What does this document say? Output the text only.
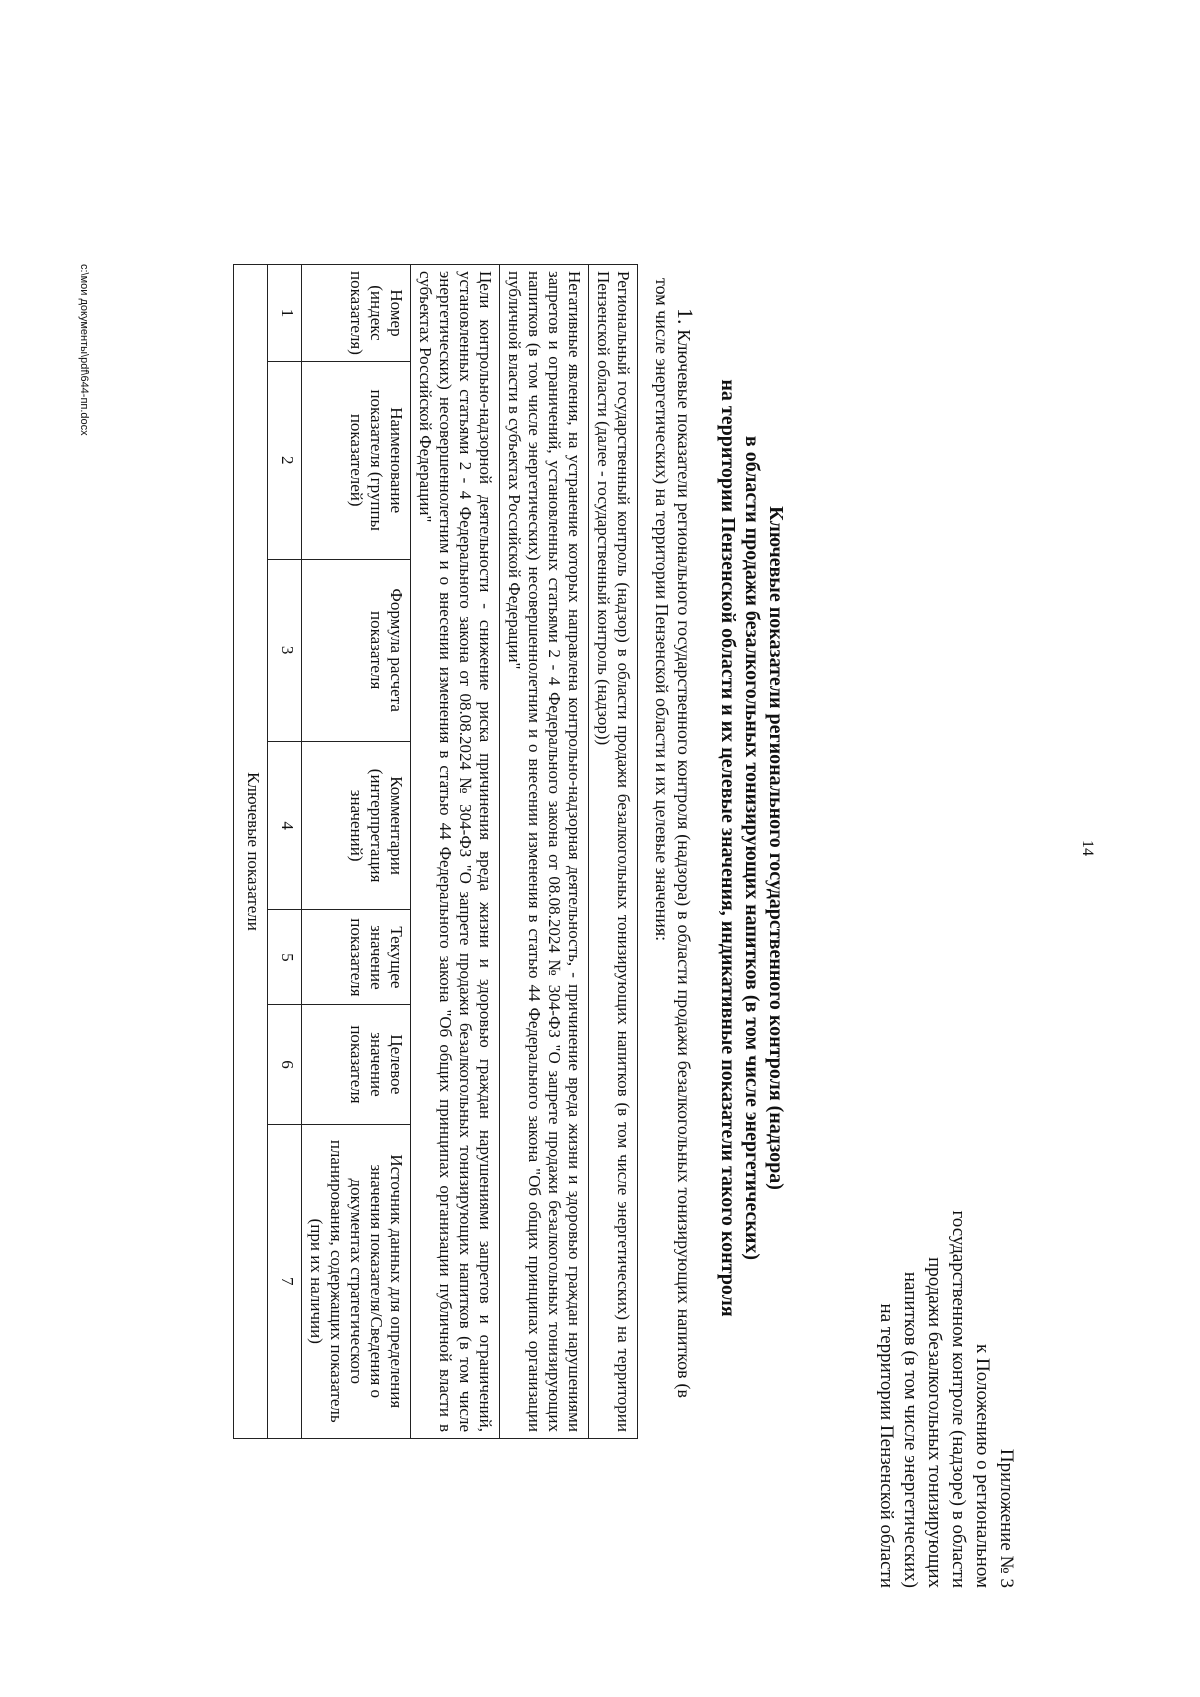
14
Приложение № 3
к Положению о региональном
государственном контроле (надзоре) в области
продажи безалкогольных тонизирующих
напитков (в том числе энергетических)
на территории Пензенской области
Ключевые показатели регионального государственного контроля (надзора)
в области продажи безалкогольных тонизирующих напитков (в том числе энергетических)
на территории Пензенской области и их целевые значения, индикативные показатели такого контроля
1. Ключевые показатели регионального государственного контроля (надзора) в области продажи безалкогольных тонизирующих напитков (в том числе энергетических) на территории Пензенской области и их целевые значения:
Региональный государственный контроль (надзор) в области продажи безалкогольных тонизирующих напитков (в том числе энергетических) на территории Пензенской области (далее - государственный контроль (надзор))						
Негативные явления, на устранение которых направлена контрольно-надзорная деятельность, - причинение вреда жизни и здоровью граждан нарушениями запретов и ограничений, установленных статьями 2 - 4 Федерального закона от 08.08.2024 № 304-ФЗ "О запрете продажи безалкогольных тонизирующих напитков (в том числе энергетических) несовершеннолетним и о внесении изменения в статью 44 Федерального закона "Об общих принципах организации публичной власти в субъектах Российской Федерации"						
Цели контрольно-надзорной деятельности - снижение риска причинения вреда жизни и здоровью граждан нарушениями запретов и ограничений, установленных статьями 2 - 4 Федерального закона от 08.08.2024 № 304-ФЗ "О запрете продажи безалкогольных тонизирующих напитков (в том числе энергетических) несовершеннолетним и о внесении изменения в статью 44 Федерального закона "Об общих принципах организации публичной власти в субъектах Российской Федерации"						
Номер (индекс показателя)	Наименование показателя (группы показателей)	Формула расчета показателя	Комментарии (интерпретация значений)	Текущее значение показателя	Целевое значение показателя	Источник данных для определения значения показателя/Сведения о документах стратегического планирования, содержащих показатель (при их наличии)
1	2	3	4	5	6	7
Ключевые показатели						
c:\мои документы\pdf\644-пп.docx
